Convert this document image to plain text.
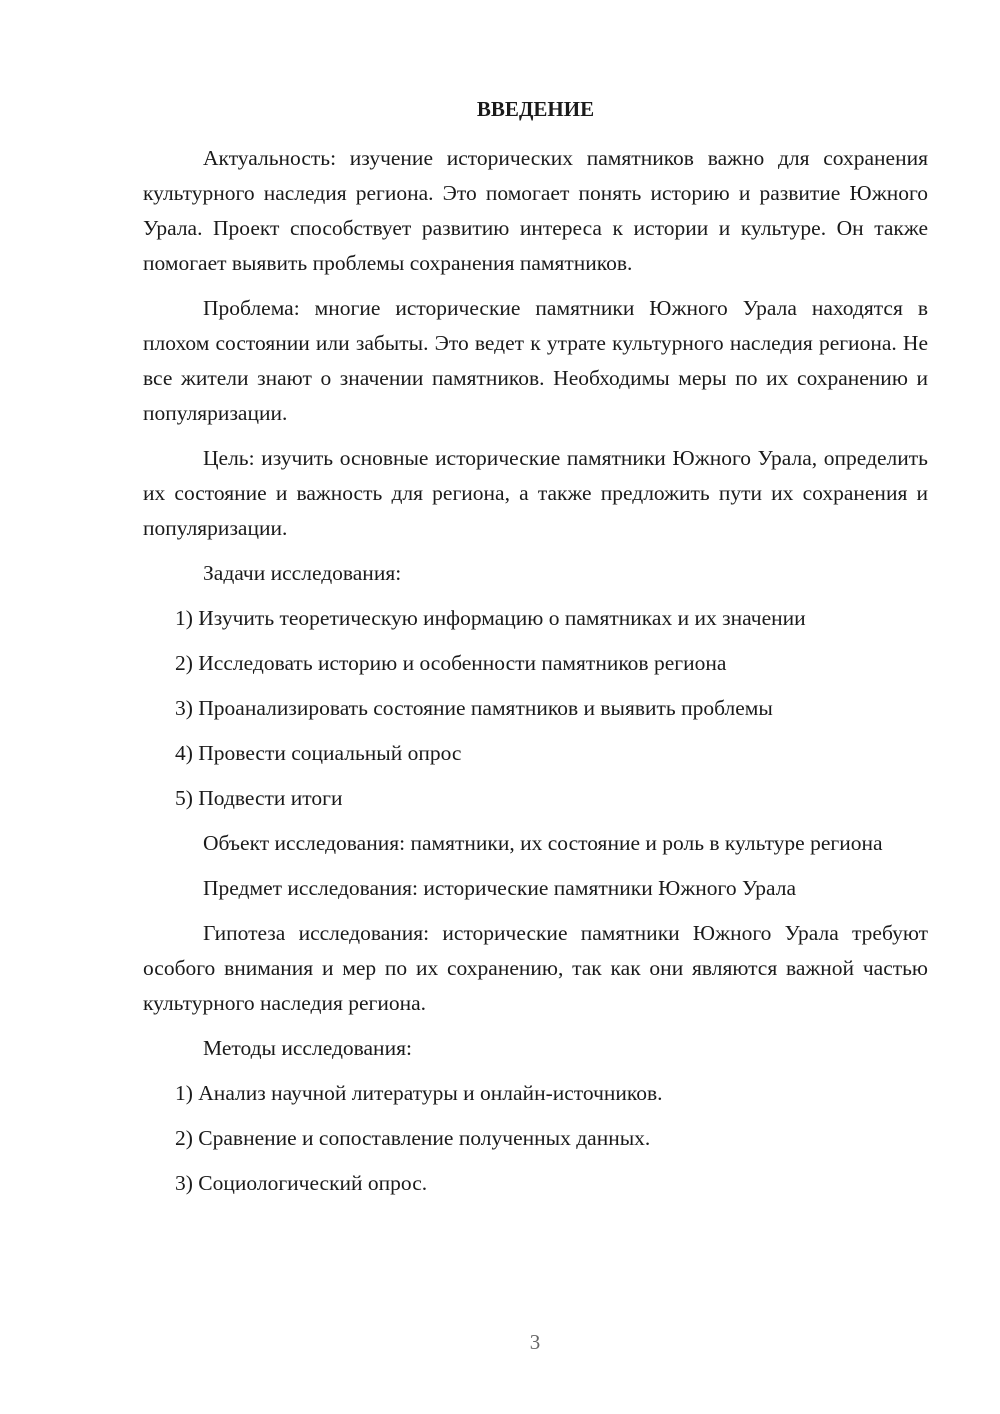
ВВЕДЕНИЕ

Актуальность: изучение исторических памятников важно для сохранения культурного наследия региона. Это помогает понять историю и развитие Южного Урала. Проект способствует развитию интереса к истории и культуре. Он также помогает выявить проблемы сохранения памятников.

Проблема: многие исторические памятники Южного Урала находятся в плохом состоянии или забыты. Это ведет к утрате культурного наследия региона. Не все жители знают о значении памятников. Необходимы меры по их сохранению и популяризации.

Цель: изучить основные исторические памятники Южного Урала, определить их состояние и важность для региона, а также предложить пути их сохранения и популяризации.

Задачи исследования:
1) Изучить теоретическую информацию о памятниках и их значении
2) Исследовать историю и особенности памятников региона
3) Проанализировать состояние памятников и выявить проблемы
4) Провести социальный опрос
5) Подвести итоги

Объект исследования: памятники, их состояние и роль в культуре региона

Предмет исследования: исторические памятники Южного Урала

Гипотеза исследования: исторические памятники Южного Урала требуют особого внимания и мер по их сохранению, так как они являются важной частью культурного наследия региона.

Методы исследования:
1) Анализ научной литературы и онлайн-источников.
2) Сравнение и сопоставление полученных данных.
3) Социологический опрос.
3
